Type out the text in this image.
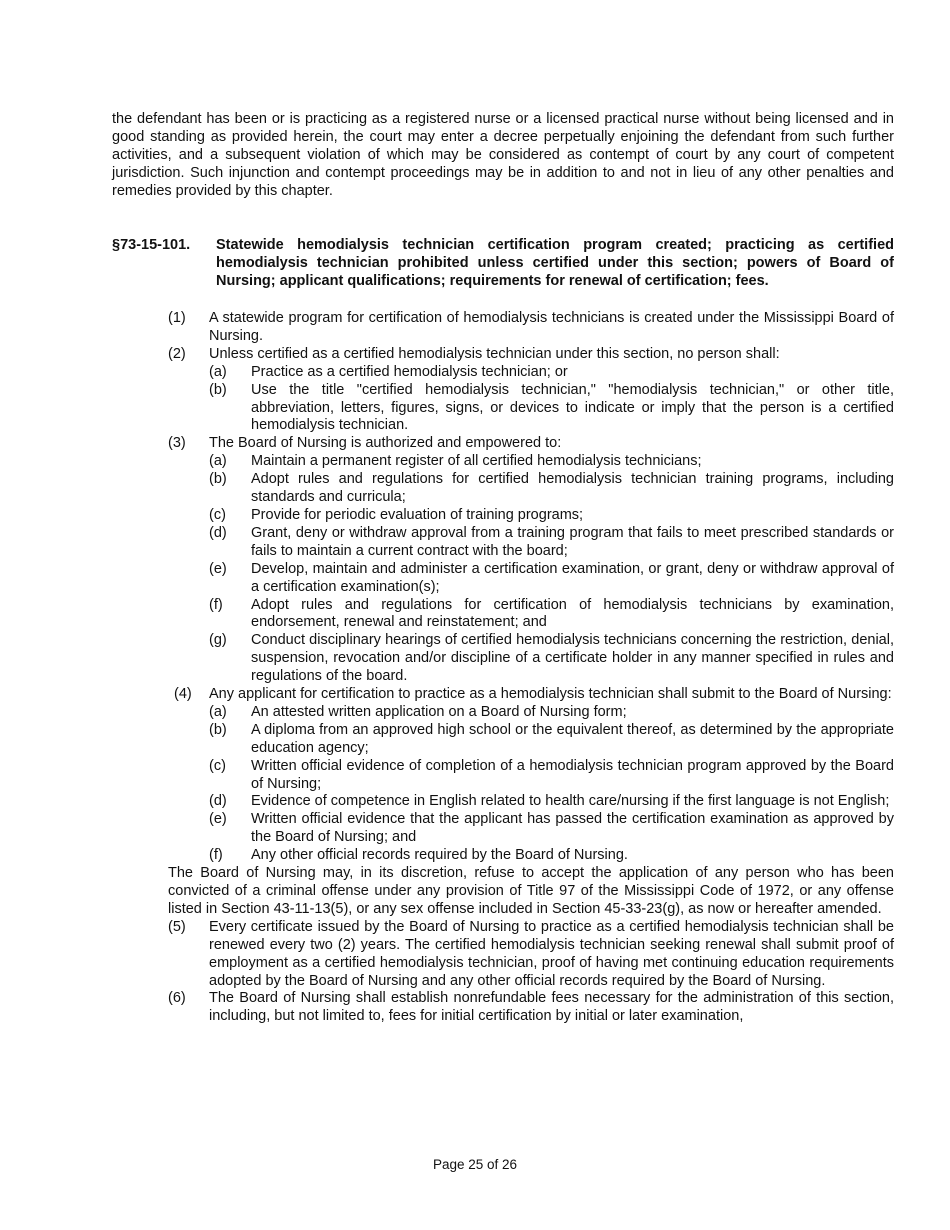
the defendant has been or is practicing as a registered nurse or a licensed practical nurse without being licensed and in good standing as provided herein, the court may enter a decree perpetually enjoining the defendant from such further activities, and a subsequent violation of which may be considered as contempt of court by any court of competent jurisdiction. Such injunction and contempt proceedings may be in addition to and not in lieu of any other penalties and remedies provided by this chapter.

§73-15-101. Statewide hemodialysis technician certification program created; practicing as certified hemodialysis technician prohibited unless certified under this section; powers of Board of Nursing; applicant qualifications; requirements for renewal of certification; fees.

(1) A statewide program for certification of hemodialysis technicians is created under the Mississippi Board of Nursing.

(2) Unless certified as a certified hemodialysis technician under this section, no person shall:

(a) Practice as a certified hemodialysis technician; or

(b) Use the title "certified hemodialysis technician," "hemodialysis technician," or other title, abbreviation, letters, figures, signs, or devices to indicate or imply that the person is a certified hemodialysis technician.

(3) The Board of Nursing is authorized and empowered to:

(a) Maintain a permanent register of all certified hemodialysis technicians;

(b) Adopt rules and regulations for certified hemodialysis technician training programs, including standards and curricula;

(c) Provide for periodic evaluation of training programs;

(d) Grant, deny or withdraw approval from a training program that fails to meet prescribed standards or fails to maintain a current contract with the board;

(e) Develop, maintain and administer a certification examination, or grant, deny or withdraw approval of a certification examination(s);

(f) Adopt rules and regulations for certification of hemodialysis technicians by examination, endorsement, renewal and reinstatement; and

(g) Conduct disciplinary hearings of certified hemodialysis technicians concerning the restriction, denial, suspension, revocation and/or discipline of a certificate holder in any manner specified in rules and regulations of the board.

(4) Any applicant for certification to practice as a hemodialysis technician shall submit to the Board of Nursing:

(a) An attested written application on a Board of Nursing form;

(b) A diploma from an approved high school or the equivalent thereof, as determined by the appropriate education agency;

(c) Written official evidence of completion of a hemodialysis technician program approved by the Board of Nursing;

(d) Evidence of competence in English related to health care/nursing if the first language is not English;

(e) Written official evidence that the applicant has passed the certification examination as approved by the Board of Nursing; and

(f) Any other official records required by the Board of Nursing.

The Board of Nursing may, in its discretion, refuse to accept the application of any person who has been convicted of a criminal offense under any provision of Title 97 of the Mississippi Code of 1972, or any offense listed in Section 43-11-13(5), or any sex offense included in Section 45-33-23(g), as now or hereafter amended.

(5) Every certificate issued by the Board of Nursing to practice as a certified hemodialysis technician shall be renewed every two (2) years. The certified hemodialysis technician seeking renewal shall submit proof of employment as a certified hemodialysis technician, proof of having met continuing education requirements adopted by the Board of Nursing and any other official records required by the Board of Nursing.

(6) The Board of Nursing shall establish nonrefundable fees necessary for the administration of this section, including, but not limited to, fees for initial certification by initial or later examination,

Page 25 of 26
